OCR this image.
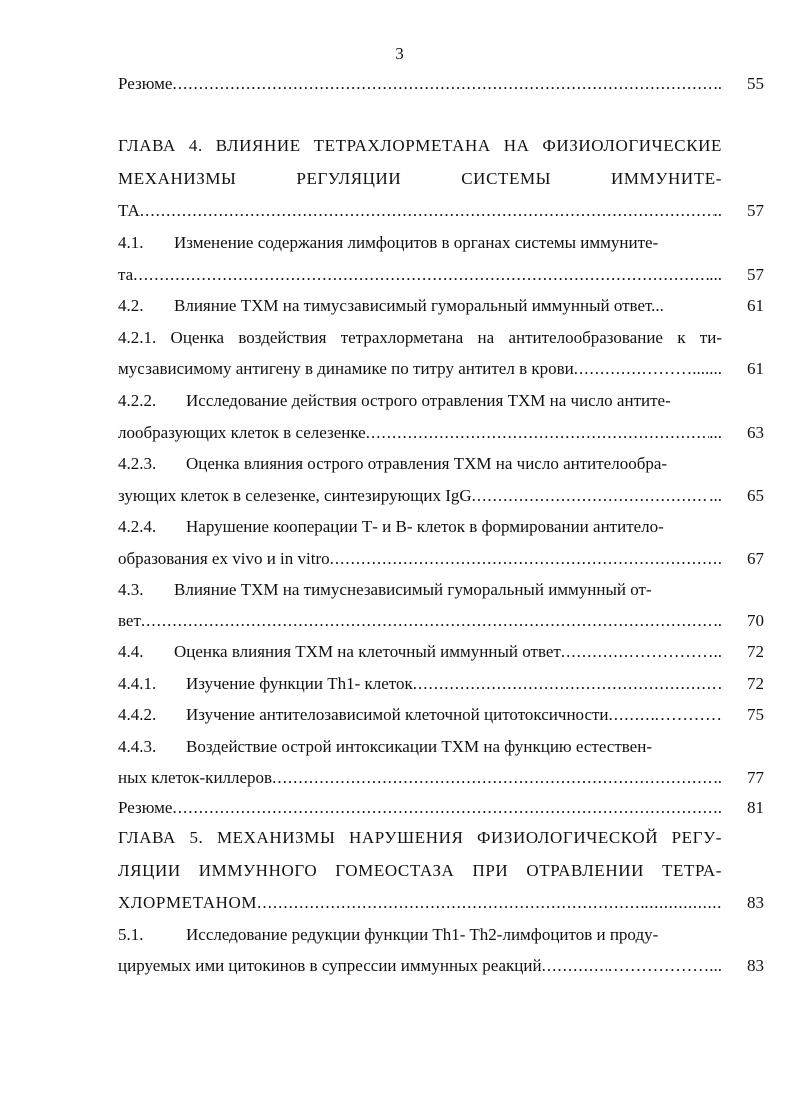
3
Резюме .....	..	55
ГЛАВА 4. ВЛИЯНИЕ ТЕТРАХЛОРМЕТАНА НА ФИЗИОЛОГИЧЕСКИЕ
МЕХАНИЗМЫ РЕГУЛЯЦИИ СИСТЕМЫ ИММУНИТЕ-
ТА .....	..	57
4.1. Изменение содержания лимфоцитов в органах системы иммуните-
та .....	...	57
4.2. Влияние ТХМ на тимусзависимый гуморальный иммунный ответ...	61
4.2.1. Оценка воздействия тетрахлорметана на антителообразование к ти-
мусзависимому антигену в динамике по титру антител в крови .....	……….......	61
4.2.2. Исследование действия острого отравления ТХМ на число антите-
лообразующих клеток в селезенке .....	...	63
4.2.3. Оценка влияния острого отравления ТХМ на число антителообра-
зующих клеток в селезенке, синтезирующих IgG .....	...	65
4.2.4. Нарушение кооперации Т- и В- клеток в формировании антитело-
образования ex vivo и in vitro .....	.	67
4.3. Влияние ТХМ на тимуснезависимый гуморальный иммунный от-
вет .....	..	70
4.4. Оценка влияния ТХМ на клеточный иммунный ответ .....	……………..	72
4.4.1. Изучение функции Th1- клеток .....	.	72
4.4.2. Изучение антителозависимой клеточной цитотоксичности .....	…………	75
4.4.3. Воздействие острой интоксикации ТХМ на функцию естествен-
ных клеток-киллеров .....	..	77
Резюме .....	.	81
ГЛАВА 5. МЕХАНИЗМЫ НАРУШЕНИЯ ФИЗИОЛОГИЧЕСКОЙ РЕГУ-
ЛЯЦИИ ИММУННОГО ГОМЕОСТАЗА ПРИ ОТРАВЛЕНИИ ТЕТРА-
ХЛОРМЕТАНОМ .....	................	83
5.1.	Исследование редукции функции Th1- Th2-лимфоцитов и проду-
цируемых ими цитокинов в супрессии иммунных реакций .....	………………...	83
